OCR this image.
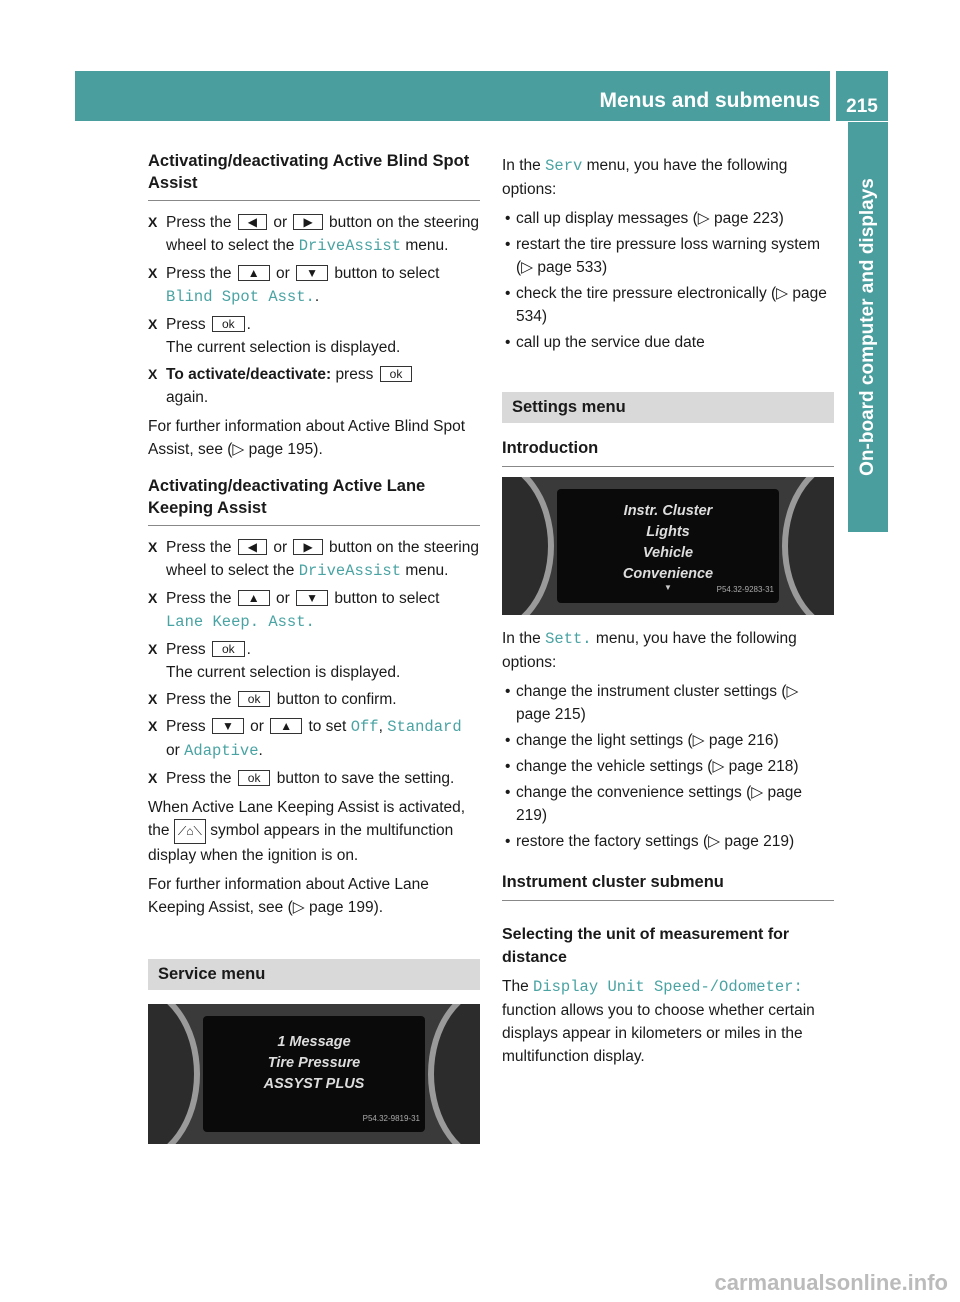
Menus and submenus	215
On-board computer and displays
Activating/deactivating Active Blind Spot Assist
X Press the ◀ or ▶ button on the steering wheel to select the DriveAssist menu.
X Press the ▲ or ▼ button to select
Blind Spot Asst..
X Press ok .
The current selection is displayed.
X To activate/deactivate: press ok
again.

For further information about Active Blind Spot Assist, see (▷ page 195).

Activating/deactivating Active Lane Keeping Assist
X Press the ◀ or ▶ button on the steering wheel to select the DriveAssist menu.
X Press the ▲ or ▼ button to select
Lane Keep. Asst.
X Press ok .
The current selection is displayed.
X Press the ok button to confirm.
X Press ▼ or ▲ to set Off, Standard
or Adaptive.
X Press the ok button to save the setting.

When Active Lane Keeping Assist is activated, the ⟋⌂⟍ symbol appears in the multifunction display when the ignition is on.

For further information about Active Lane Keeping Assist, see (▷ page 199).

Service menu
1 Message
Tire Pressure
ASSYST PLUS
P54.32-9819-31

In the Serv menu, you have the following options:

• call up display messages (▷ page 223)
• restart the tire pressure loss warning system (▷ page 533)
• check the tire pressure electronically (▷ page 534)
• call up the service due date
Settings menu
Introduction
Instr. Cluster
Lights
Vehicle
Convenience
▼	P54.32-9283-31

In the Sett. menu, you have the following options:

• change the instrument cluster settings (▷ page 215)
• change the light settings (▷ page 216)
• change the vehicle settings (▷ page 218)
• change the convenience settings (▷ page 219)
• restore the factory settings (▷ page 219)
Instrument cluster submenu
Selecting the unit of measurement for distance

The Display Unit Speed-/Odometer: function allows you to choose whether certain displays appear in kilometers or miles in the multifunction display.

carmanualsonline.info
